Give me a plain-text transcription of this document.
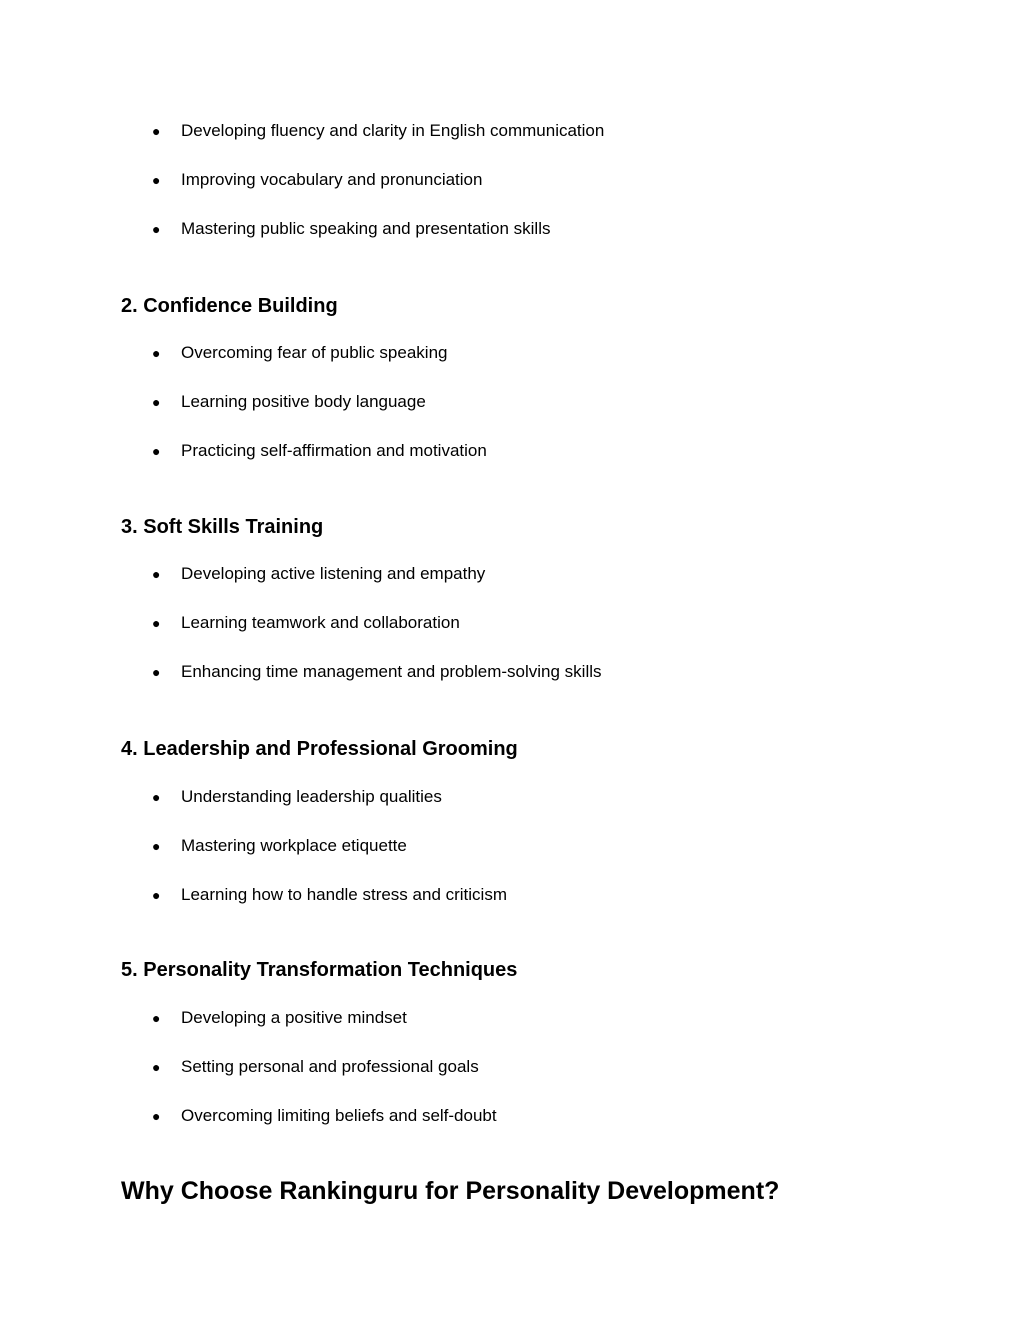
● Developing fluency and clarity in English communication
● Improving vocabulary and pronunciation
● Mastering public speaking and presentation skills
2. Confidence Building
● Overcoming fear of public speaking
● Learning positive body language
● Practicing self-affirmation and motivation
3. Soft Skills Training
● Developing active listening and empathy
● Learning teamwork and collaboration
● Enhancing time management and problem-solving skills
4. Leadership and Professional Grooming
● Understanding leadership qualities
● Mastering workplace etiquette
● Learning how to handle stress and criticism
5. Personality Transformation Techniques
● Developing a positive mindset
● Setting personal and professional goals
● Overcoming limiting beliefs and self-doubt
Why Choose Rankinguru for Personality Development?
